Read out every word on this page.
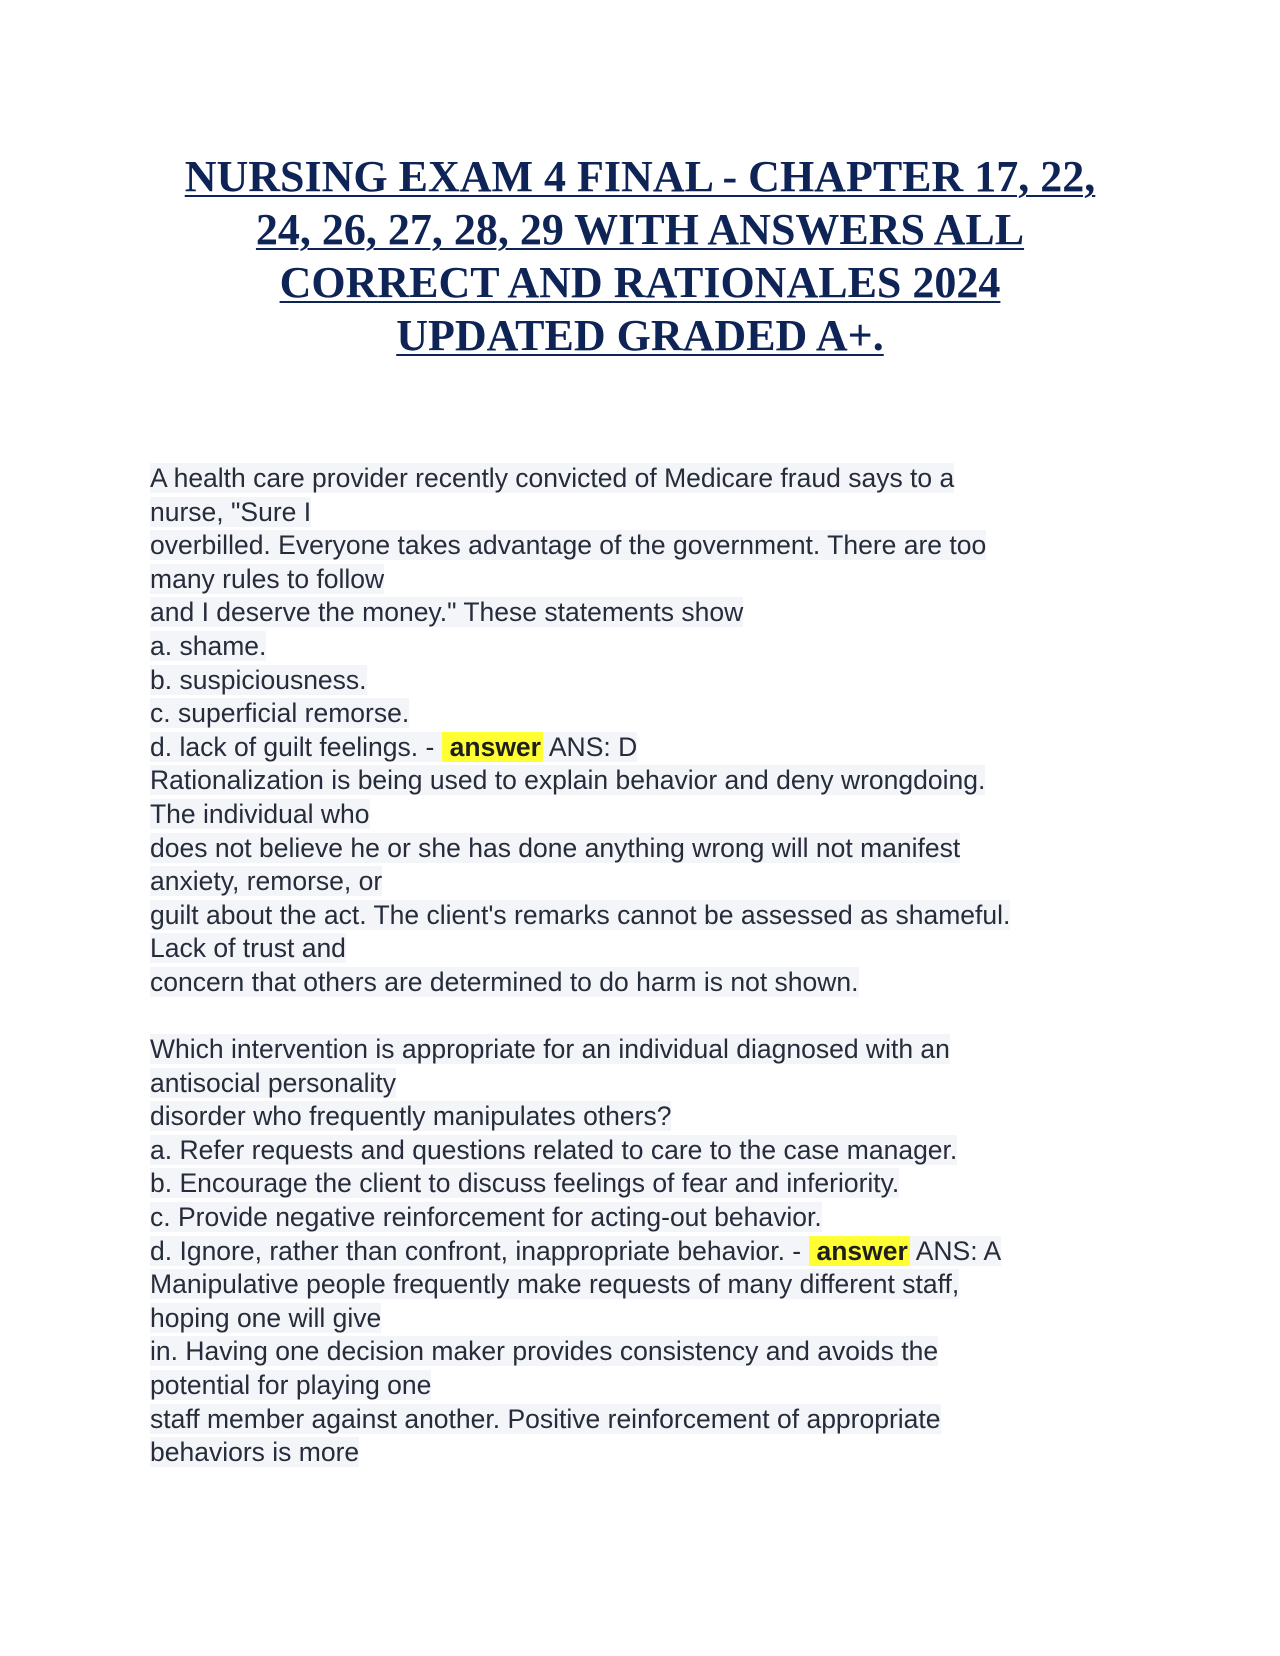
NURSING EXAM 4 FINAL - CHAPTER 17, 22,
24, 26, 27, 28, 29 WITH ANSWERS ALL
CORRECT AND RATIONALES 2024
UPDATED GRADED A+.
A health care provider recently convicted of Medicare fraud says to a
nurse, "Sure I
overbilled. Everyone takes advantage of the government. There are too
many rules to follow
and I deserve the money." These statements show
a. shame.
b. suspiciousness.
c. superficial remorse.
d. lack of guilt feelings. - answer ANS: D
Rationalization is being used to explain behavior and deny wrongdoing.
The individual who
does not believe he or she has done anything wrong will not manifest
anxiety, remorse, or
guilt about the act. The client's remarks cannot be assessed as shameful.
Lack of trust and
concern that others are determined to do harm is not shown.
Which intervention is appropriate for an individual diagnosed with an
antisocial personality
disorder who frequently manipulates others?
a. Refer requests and questions related to care to the case manager.
b. Encourage the client to discuss feelings of fear and inferiority.
c. Provide negative reinforcement for acting-out behavior.
d. Ignore, rather than confront, inappropriate behavior. - answer ANS: A
Manipulative people frequently make requests of many different staff,
hoping one will give
in. Having one decision maker provides consistency and avoids the
potential for playing one
staff member against another. Positive reinforcement of appropriate
behaviors is more
